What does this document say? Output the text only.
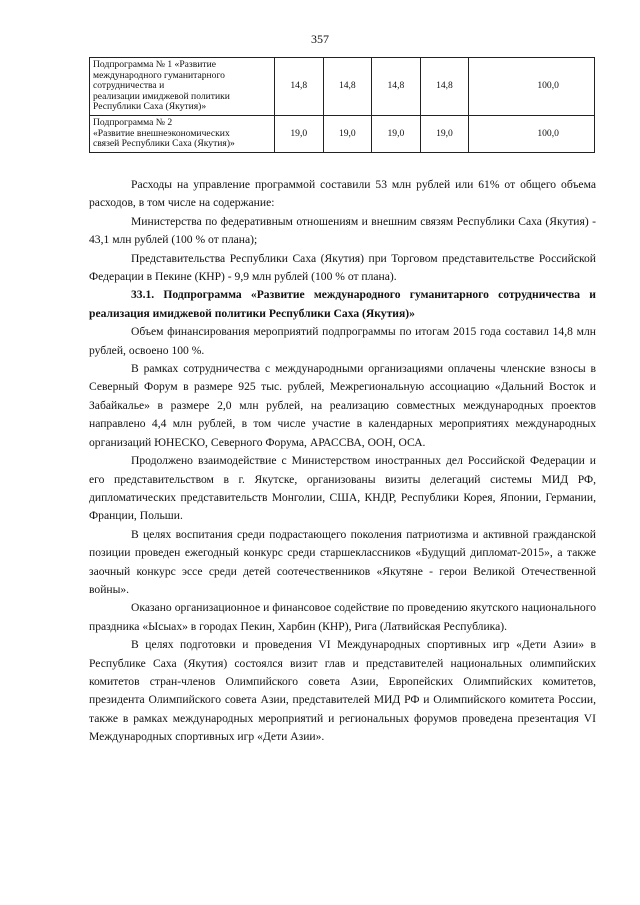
357
Подпрограмма № 1 «Развитие
международного гуманитарного
сотрудничества и
реализации имиджевой политики
Республики Саха (Якутия)»	14,8	14,8	14,8	14,8	100,0

Подпрограмма № 2
«Развитие внешнеэкономических
связей Республики Саха (Якутия)»	19,0	19,0	19,0	19,0	100,0

Расходы на управление программой составили 53 млн рублей или 61% от общего объема расходов, в том числе на содержание:

Министерства по федеративным отношениям и внешним связям Республики Саха (Якутия) - 43,1 млн рублей (100 % от плана);

Представительства Республики Саха (Якутия) при Торговом представительстве Российской Федерации в Пекине (КНР) - 9,9 млн рублей (100 % от плана).

33.1. Подпрограмма «Развитие международного гуманитарного сотрудничества и реализация имиджевой политики Республики Саха (Якутия)»

Объем финансирования мероприятий подпрограммы по итогам 2015 года составил 14,8 млн рублей, освоено 100 %.

В рамках сотрудничества с международными организациями оплачены членские взносы в Северный Форум в размере 925 тыс. рублей, Межрегиональную ассоциацию «Дальний Восток и Забайкалье» в размере 2,0 млн рублей, на реализацию совместных международных проектов направлено 4,4 млн рублей, в том числе участие в календарных мероприятиях международных организаций ЮНЕСКО, Северного Форума, АРАССВА, ООН, ОСА.

Продолжено взаимодействие с Министерством иностранных дел Российской Федерации и его представительством в г. Якутске, организованы визиты делегаций системы МИД РФ, дипломатических представительств Монголии, США, КНДР, Республики Корея, Японии, Германии, Франции, Польши.

В целях воспитания среди подрастающего поколения патриотизма и активной гражданской позиции проведен ежегодный конкурс среди старшеклассников «Будущий дипломат-2015», а также заочный конкурс эссе среди детей соотечественников «Якутяне - герои Великой Отечественной войны».

Оказано организационное и финансовое содействие по проведению якутского национального праздника «Ысыах» в городах Пекин, Харбин (КНР), Рига (Латвийская Республика).

В целях подготовки и проведения VI Международных спортивных игр «Дети Азии» в Республике Саха (Якутия) состоялся визит глав и представителей национальных олимпийских комитетов стран-членов Олимпийского совета Азии, Европейских Олимпийских комитетов, президента Олимпийского совета Азии, представителей МИД РФ и Олимпийского комитета России, также в рамках международных мероприятий и региональных форумов проведена презентация VI Международных спортивных игр «Дети Азии».
